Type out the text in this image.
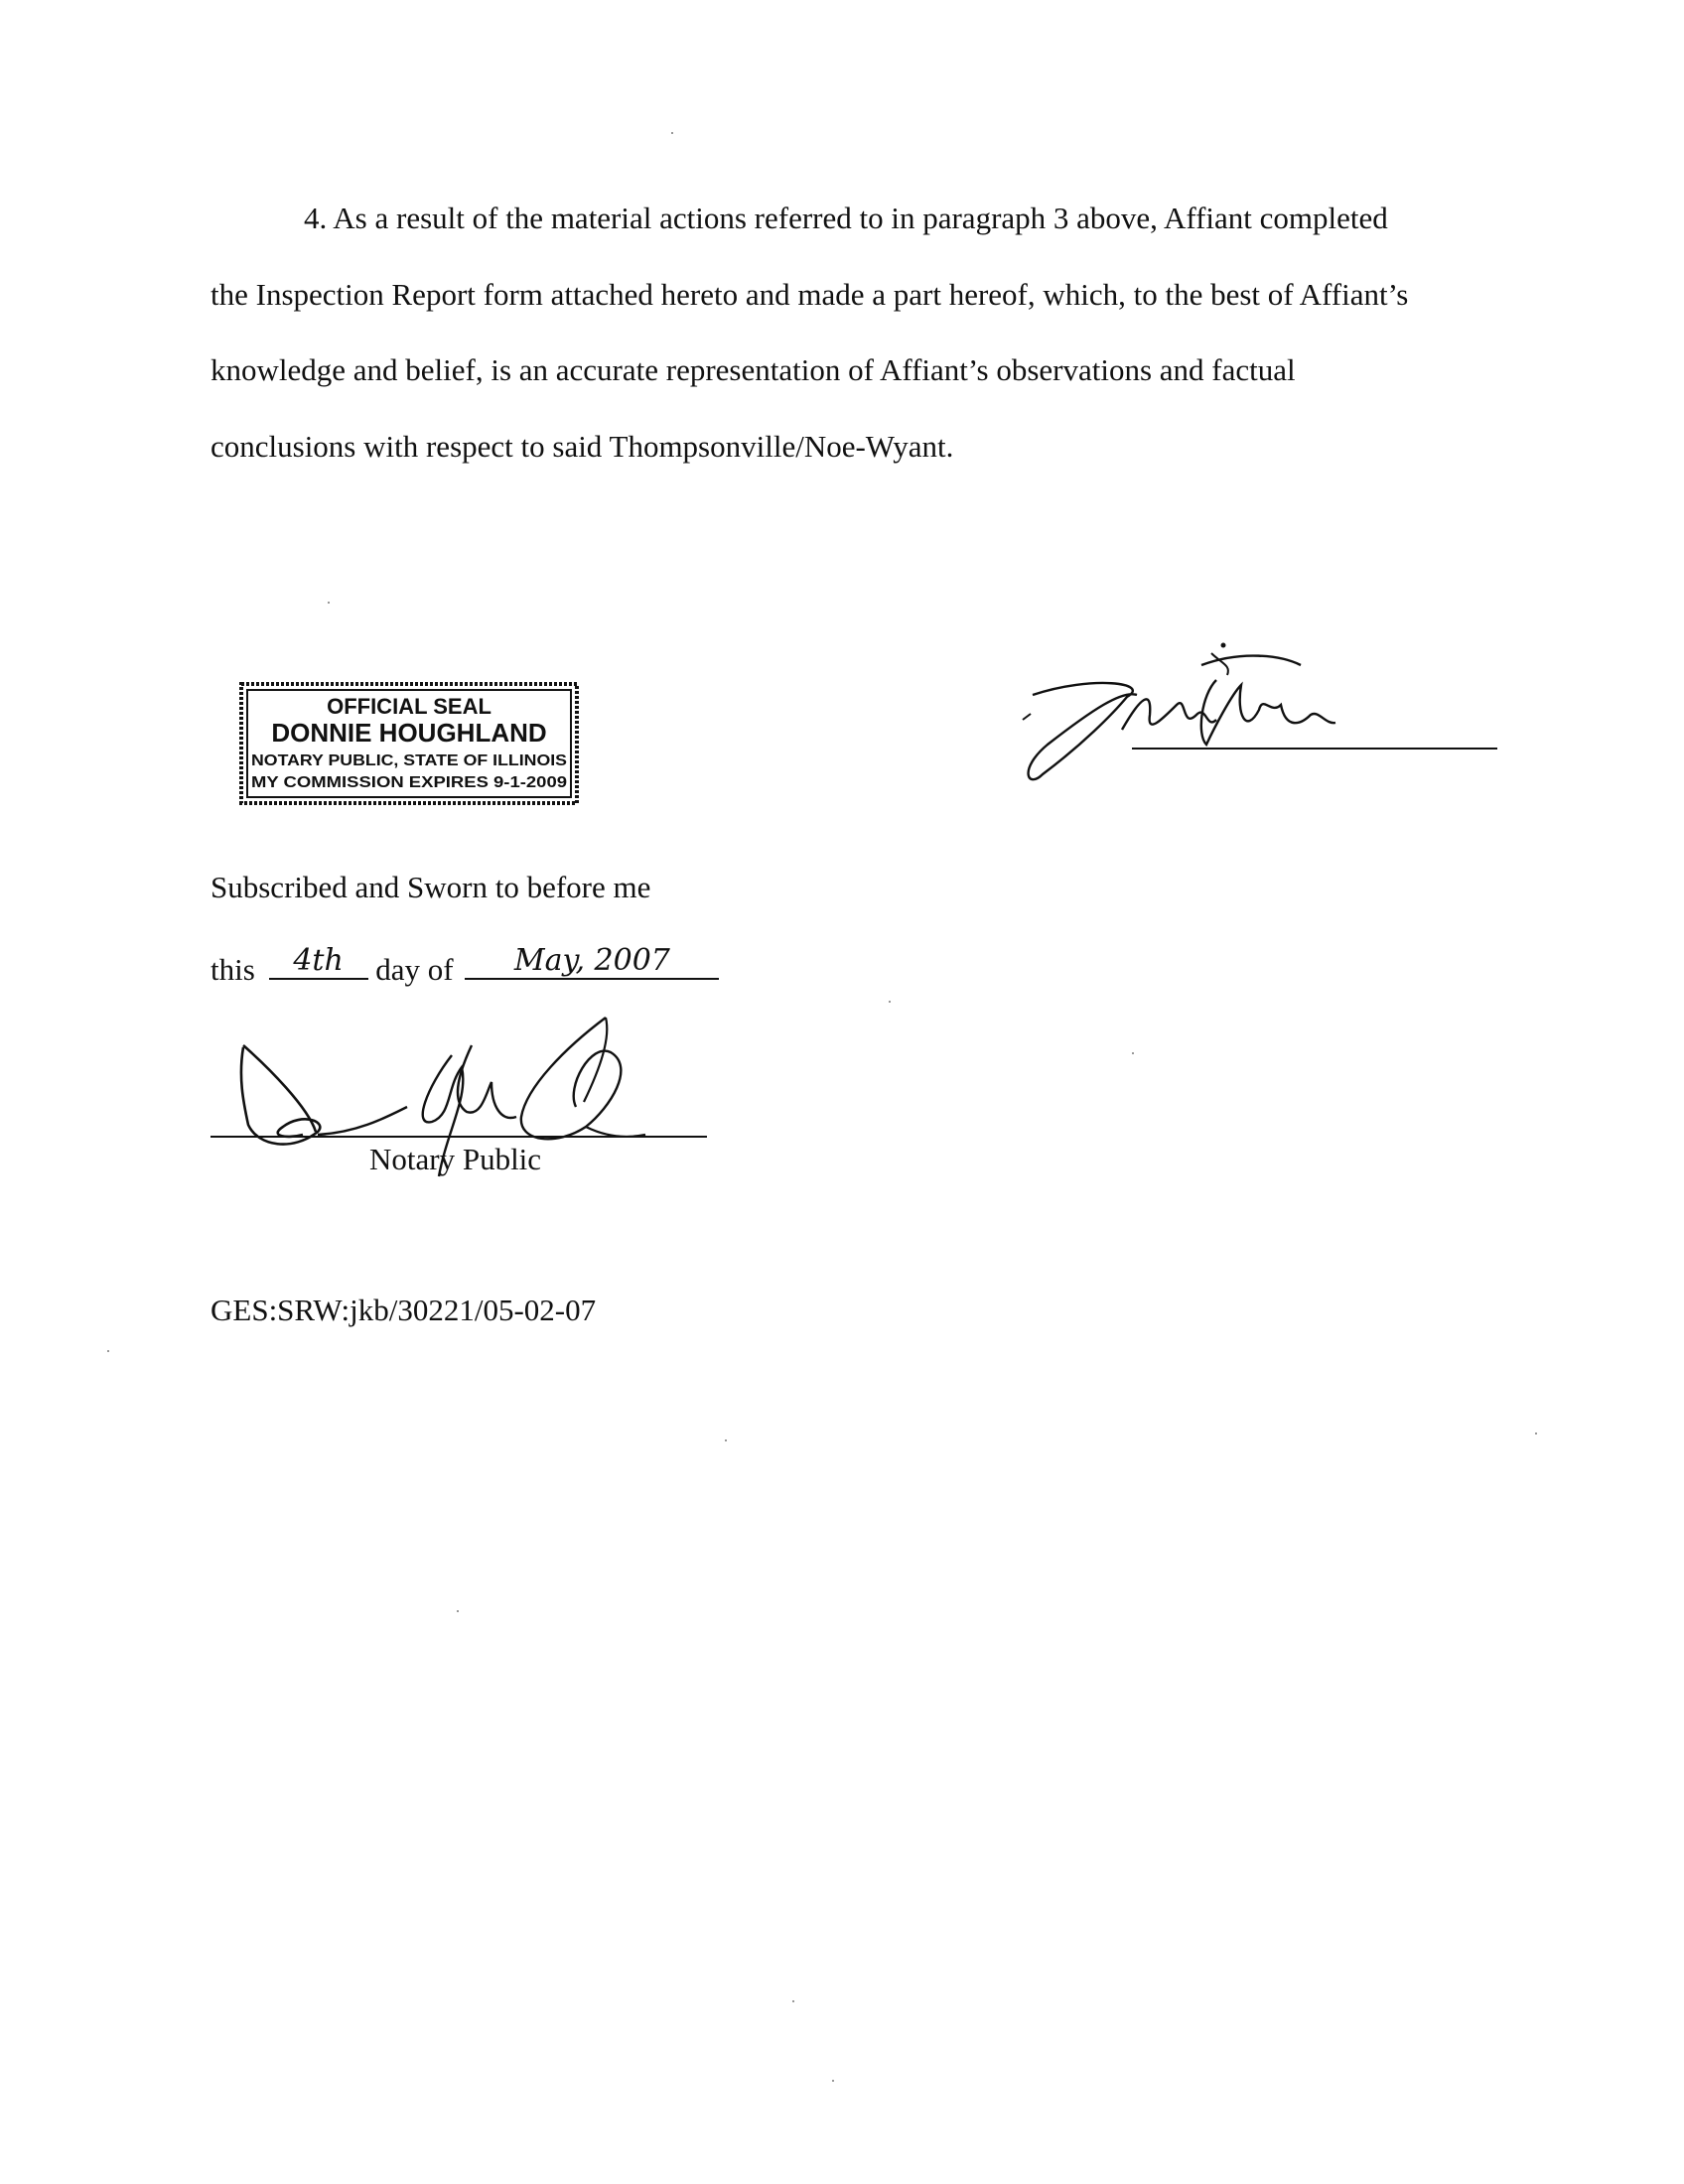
4. As a result of the material actions referred to in paragraph 3 above, Affiant completed
the Inspection Report form attached hereto and made a part hereof, which, to the best of Affiant’s
knowledge and belief, is an accurate representation of Affiant’s observations and factual
conclusions with respect to said Thompsonville/Noe-Wyant.
OFFICIAL SEAL
DONNIE HOUGHLAND
NOTARY PUBLIC, STATE OF ILLINOIS
MY COMMISSION EXPIRES 9-1-2009
Subscribed and Sworn to before me
this	4th	day of	May, 2007
Notary Public
GES:SRW:jkb/30221/05-02-07
